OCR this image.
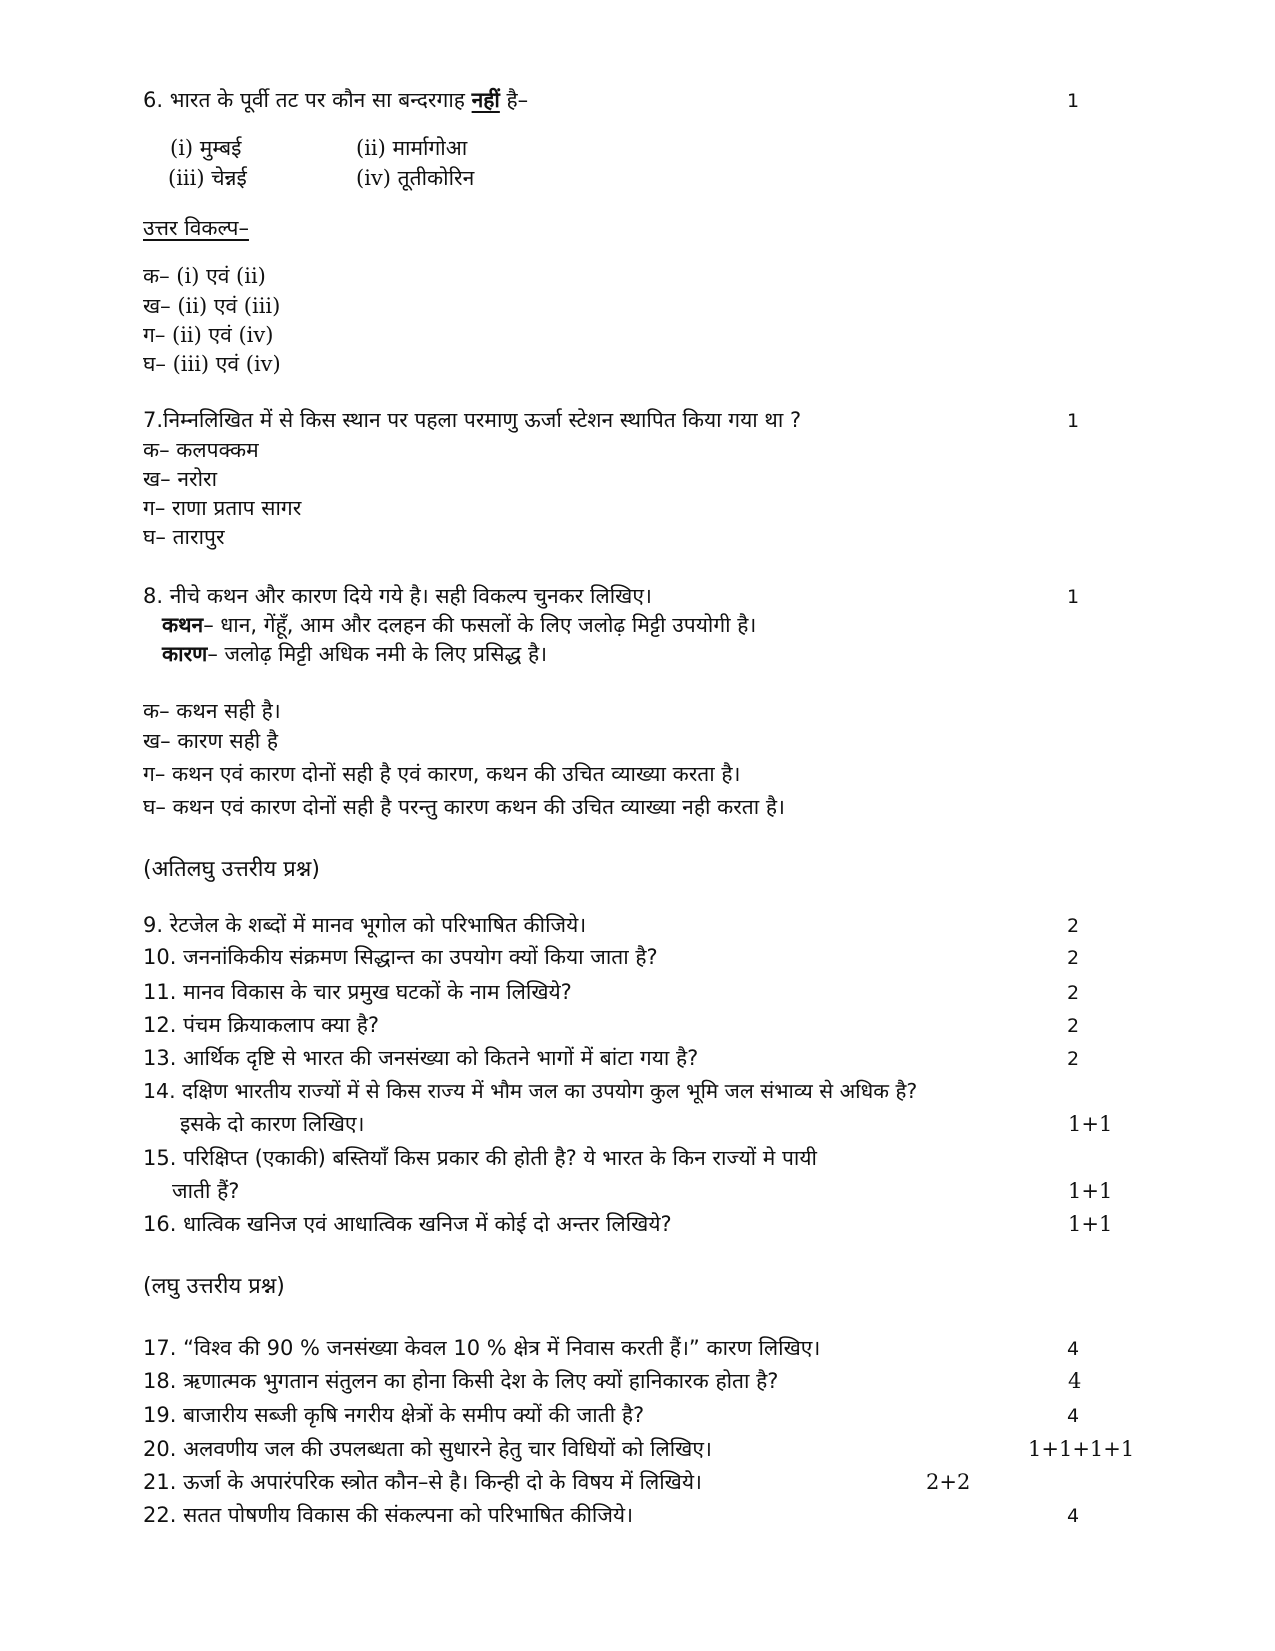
6. भारत के पूर्वी तट पर कौन सा बन्दरगाह नहीं है–	1
(i) मुम्बई	(ii) मार्मागोआ
(iii) चेन्नई	(iv) तूतीकोरिन
उत्तर विकल्प–
क– (i) एवं (ii)
ख– (ii) एवं (iii)
ग– (ii) एवं (iv)
घ– (iii) एवं (iv)
7.निम्नलिखित में से किस स्थान पर पहला परमाणु ऊर्जा स्टेशन स्थापित किया गया था ?	1
क– कलपक्कम
ख– नरोरा
ग– राणा प्रताप सागर
घ– तारापुर
8. नीचे कथन और कारण दिये गये है। सही विकल्प चुनकर लिखिए।	1
कथन– धान, गेंहूँ, आम और दलहन की फसलों के लिए जलोढ़ मिट्टी उपयोगी है।
कारण– जलोढ़ मिट्टी अधिक नमी के लिए प्रसिद्ध है।
क– कथन सही है।
ख– कारण सही है
ग– कथन एवं कारण दोनों सही है एवं कारण, कथन की उचित व्याख्या करता है।
घ– कथन एवं कारण दोनों सही है परन्तु कारण कथन की उचित व्याख्या नही करता है।
(अतिलघु उत्तरीय प्रश्न)
9. रेटजेल के शब्दों में मानव भूगोल को परिभाषित कीजिये।	2
10. जननांकिकीय संक्रमण सिद्धान्त का उपयोग क्यों किया जाता है?	2
11. मानव विकास के चार प्रमुख घटकों के नाम लिखिये?	2
12. पंचम क्रियाकलाप क्या है?	2
13. आर्थिक दृष्टि से भारत की जनसंख्या को कितने भागों में बांटा गया है?	2
14. दक्षिण भारतीय राज्यों में से किस राज्य में भौम जल का उपयोग कुल भूमि जल संभाव्य से अधिक है?
इसके दो कारण लिखिए।	1+1
15. परिक्षिप्त (एकाकी) बस्तियाँ किस प्रकार की होती है? ये भारत के किन राज्यों मे पायी
जाती हैं?	1+1
16. धात्विक खनिज एवं आधात्विक खनिज में कोई दो अन्तर लिखिये?	1+1
(लघु उत्तरीय प्रश्न)
17. “विश्व की 90 % जनसंख्या केवल 10 % क्षेत्र में निवास करती हैं।” कारण लिखिए।	4
18. ऋणात्मक भुगतान संतुलन का होना किसी देश के लिए क्यों हानिकारक होता है?	4
19. बाजारीय सब्जी कृषि नगरीय क्षेत्रों के समीप क्यों की जाती है?	4
20. अलवणीय जल की उपलब्धता को सुधारने हेतु चार विधियों को लिखिए।	1+1+1+1
21. ऊर्जा के अपारंपरिक स्त्रोत कौन–से है। किन्ही दो के विषय में लिखिये।	2+2
22. सतत पोषणीय विकास की संकल्पना को परिभाषित कीजिये।	4
